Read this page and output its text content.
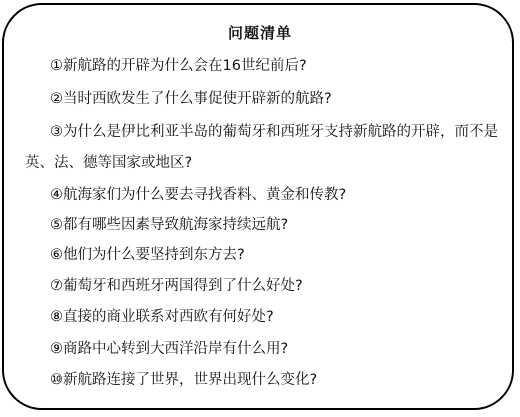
问题清单
①新航路的开辟为什么会在16世纪前后?
②当时西欧发生了什么事促使开辟新的航路?
③为什么是伊比利亚半岛的葡萄牙和西班牙支持新航路的开辟，而不是
英、法、德等国家或地区?
④航海家们为什么要去寻找香料、黄金和传教?
⑤都有哪些因素导致航海家持续远航?
⑥他们为什么要坚持到东方去?
⑦葡萄牙和西班牙两国得到了什么好处?
⑧直接的商业联系对西欧有何好处?
⑨商路中心转到大西洋沿岸有什么用?
⑩新航路连接了世界，世界出现什么变化?
